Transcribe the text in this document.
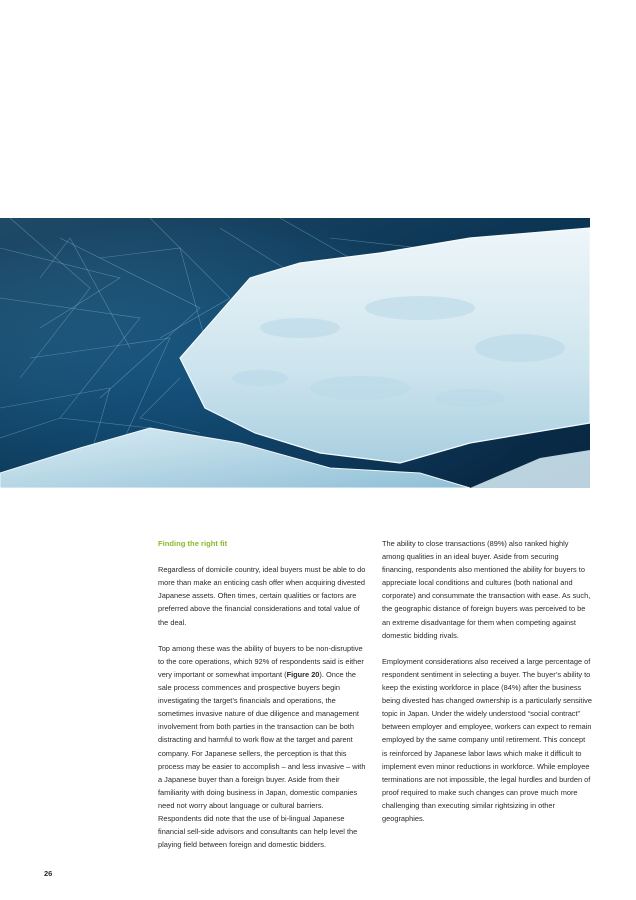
Finding the right fit

Regardless of domicile country, ideal buyers must be able to do more than make an enticing cash offer when acquiring divested Japanese assets. Often times, certain qualities or factors are preferred above the financial considerations and total value of the deal.

Top among these was the ability of buyers to be non-disruptive to the core operations, which 92% of respondents said is either very important or somewhat important (Figure 20). Once the sale process commences and prospective buyers begin investigating the target’s financials and operations, the sometimes invasive nature of due diligence and management involvement from both parties in the transaction can be both distracting and harmful to work flow at the target and parent company. For Japanese sellers, the perception is that this process may be easier to accomplish – and less invasive – with a Japanese buyer than a foreign buyer. Aside from their familiarity with doing business in Japan, domestic companies need not worry about language or cultural barriers. Respondents did note that the use of bi-lingual Japanese financial sell-side advisors and consultants can help level the playing field between foreign and domestic bidders.

The ability to close transactions (89%) also ranked highly among qualities in an ideal buyer. Aside from securing financing, respondents also mentioned the ability for buyers to appreciate local conditions and cultures (both national and corporate) and consummate the transaction with ease. As such, the geographic distance of foreign buyers was perceived to be an extreme disadvantage for them when competing against domestic bidding rivals.

Employment considerations also received a large percentage of respondent sentiment in selecting a buyer. The buyer’s ability to keep the existing workforce in place (84%) after the business being divested has changed ownership is a particularly sensitive topic in Japan. Under the widely understood “social contract” between employer and employee, workers can expect to remain employed by the same company until retirement. This concept is reinforced by Japanese labor laws which make it difficult to implement even minor reductions in workforce. While employee terminations are not impossible, the legal hurdles and burden of proof required to make such changes can prove much more challenging than executing similar rightsizing in other geographies.

26
